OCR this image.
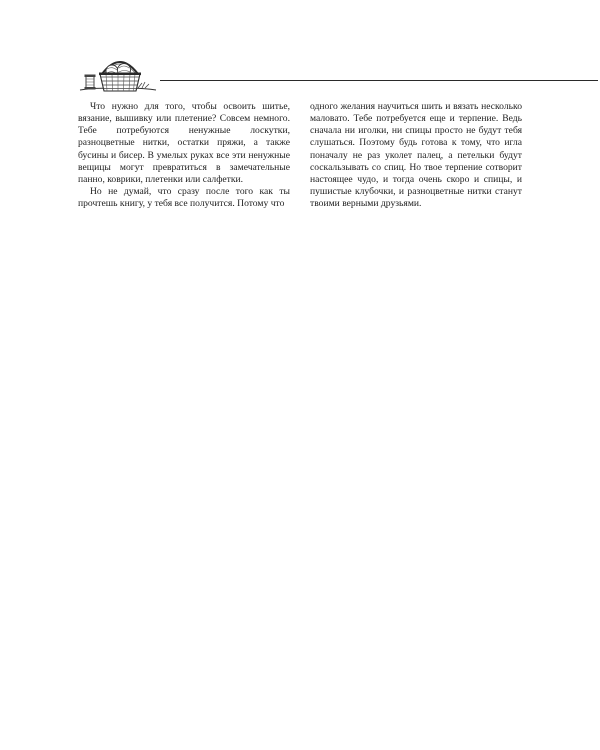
Что нужно для того, чтобы освоить шитье, вязание, вышивку или плетение? Совсем немного. Тебе потребуются ненужные лоскутки, разноцветные нитки, остатки пряжи, а также бусины и бисер. В умелых руках все эти ненужные вещицы могут превратиться в замечательные панно, коврики, плетенки или салфетки.

Но не думай, что сразу после того как ты прочтешь книгу, у тебя все получится. Потому что

одного желания научиться шить и вязать несколько маловато. Тебе потребуется еще и терпение. Ведь сначала ни иголки, ни спицы просто не будут тебя слушаться. Поэтому будь готова к тому, что игла поначалу не раз уколет палец, а петельки будут соскальзывать со спиц. Но твое терпение сотворит настоящее чудо, и тогда очень скоро и спицы, и пушистые клубочки, и разноцветные нитки станут твоими верными друзьями.
